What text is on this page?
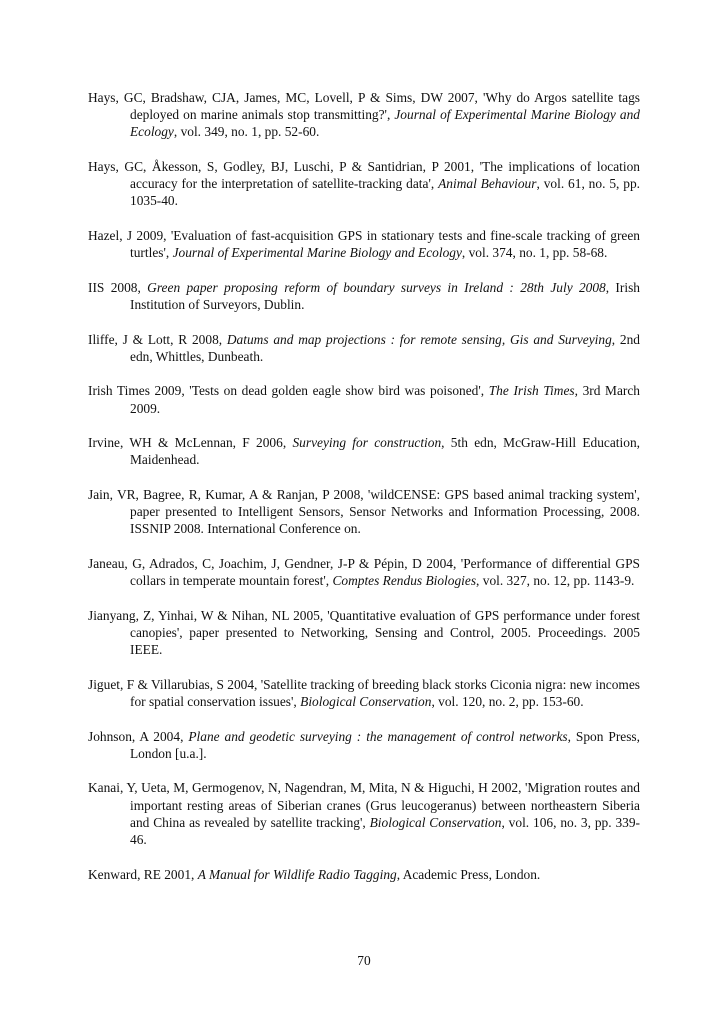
Hays, GC, Bradshaw, CJA, James, MC, Lovell, P & Sims, DW 2007, 'Why do Argos satellite tags deployed on marine animals stop transmitting?', Journal of Experimental Marine Biology and Ecology, vol. 349, no. 1, pp. 52-60.

Hays, GC, Åkesson, S, Godley, BJ, Luschi, P & Santidrian, P 2001, 'The implications of location accuracy for the interpretation of satellite-tracking data', Animal Behaviour, vol. 61, no. 5, pp. 1035-40.

Hazel, J 2009, 'Evaluation of fast-acquisition GPS in stationary tests and fine-scale tracking of green turtles', Journal of Experimental Marine Biology and Ecology, vol. 374, no. 1, pp. 58-68.

IIS 2008, Green paper proposing reform of boundary surveys in Ireland : 28th July 2008, Irish Institution of Surveyors, Dublin.

Iliffe, J & Lott, R 2008, Datums and map projections : for remote sensing, Gis and Surveying, 2nd edn, Whittles, Dunbeath.

Irish Times 2009, 'Tests on dead golden eagle show bird was poisoned', The Irish Times, 3rd March 2009.

Irvine, WH & McLennan, F 2006, Surveying for construction, 5th edn, McGraw-Hill Education, Maidenhead.

Jain, VR, Bagree, R, Kumar, A & Ranjan, P 2008, 'wildCENSE: GPS based animal tracking system', paper presented to Intelligent Sensors, Sensor Networks and Information Processing, 2008. ISSNIP 2008. International Conference on.

Janeau, G, Adrados, C, Joachim, J, Gendner, J-P & Pépin, D 2004, 'Performance of differential GPS collars in temperate mountain forest', Comptes Rendus Biologies, vol. 327, no. 12, pp. 1143-9.

Jianyang, Z, Yinhai, W & Nihan, NL 2005, 'Quantitative evaluation of GPS performance under forest canopies', paper presented to Networking, Sensing and Control, 2005. Proceedings. 2005 IEEE.

Jiguet, F & Villarubias, S 2004, 'Satellite tracking of breeding black storks Ciconia nigra: new incomes for spatial conservation issues', Biological Conservation, vol. 120, no. 2, pp. 153-60.

Johnson, A 2004, Plane and geodetic surveying : the management of control networks, Spon Press, London [u.a.].

Kanai, Y, Ueta, M, Germogenov, N, Nagendran, M, Mita, N & Higuchi, H 2002, 'Migration routes and important resting areas of Siberian cranes (Grus leucogeranus) between northeastern Siberia and China as revealed by satellite tracking', Biological Conservation, vol. 106, no. 3, pp. 339-46.

Kenward, RE 2001, A Manual for Wildlife Radio Tagging, Academic Press, London.

70
